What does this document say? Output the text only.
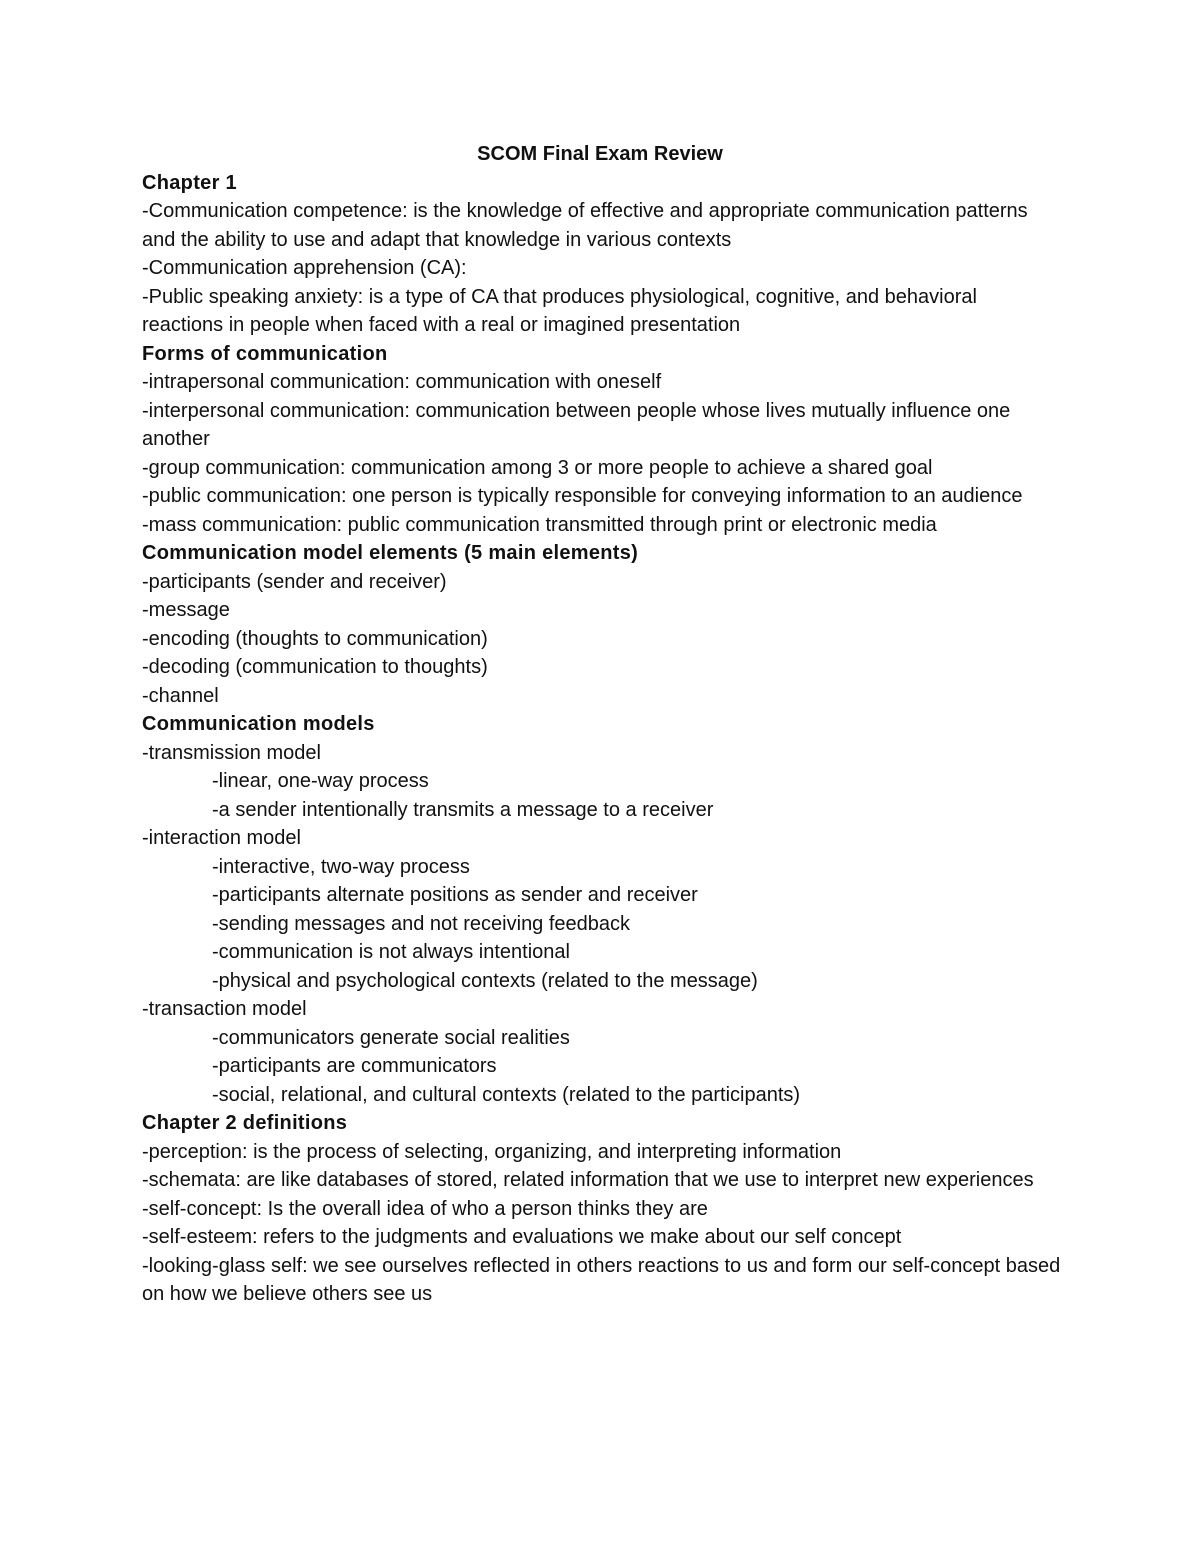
SCOM Final Exam Review

Chapter 1

-Communication competence: is the knowledge of effective and appropriate communication patterns and the ability to use and adapt that knowledge in various contexts

-Communication apprehension (CA):

-Public speaking anxiety: is a type of CA that produces physiological, cognitive, and behavioral reactions in people when faced with a real or imagined presentation

Forms of communication

-intrapersonal communication: communication with oneself

-interpersonal communication: communication between people whose lives mutually influence one another

-group communication: communication among 3 or more people to achieve a shared goal

-public communication: one person is typically responsible for conveying information to an audience

-mass communication: public communication transmitted through print or electronic media

Communication model elements (5 main elements)

-participants (sender and receiver)

-message

-encoding (thoughts to communication)

-decoding (communication to thoughts)

-channel

Communication models

-transmission model

-linear, one-way process

-a sender intentionally transmits a message to a receiver

-interaction model

-interactive, two-way process

-participants alternate positions as sender and receiver

-sending messages and not receiving feedback

-communication is not always intentional

-physical and psychological contexts (related to the message)

-transaction model

-communicators generate social realities

-participants are communicators

-social, relational, and cultural contexts (related to the participants)

Chapter 2 definitions

-perception: is the process of selecting, organizing, and interpreting information

-schemata: are like databases of stored, related information that we use to interpret new experiences

-self-concept: Is the overall idea of who a person thinks they are

-self-esteem: refers to the judgments and evaluations we make about our self concept

-looking-glass self: we see ourselves reflected in others reactions to us and form our self-concept based on how we believe others see us
